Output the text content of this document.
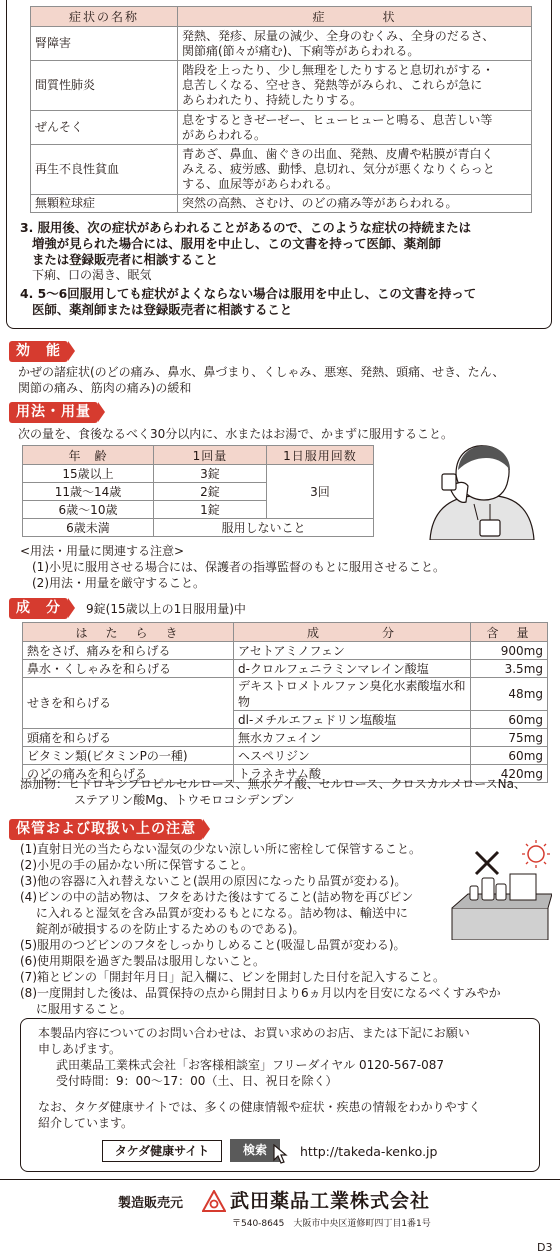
症状の名称	症　　　　状
腎障害	発熱、発疹、尿量の減少、全身のむくみ、全身のだるさ、
関節痛(節々が痛む)、下痢等があらわれる。

間質性肺炎	階段を上ったり、少し無理をしたりすると息切れがする・
息苦しくなる、空せき、発熱等がみられ、これらが急に
あらわれたり、持続したりする。

ぜんそく	息をするときゼーゼー、ヒューヒューと鳴る、息苦しい等
があらわれる。

再生不良性貧血	青あざ、鼻血、歯ぐきの出血、発熱、皮膚や粘膜が青白く
みえる、疲労感、動悸、息切れ、気分が悪くなりくらっと
する、血尿等があらわれる。

無顆粒球症	突然の高熱、さむけ、のどの痛み等があらわれる。
3. 服用後、次の症状があらわれることがあるので、このような症状の持続または
増強が見られた場合には、服用を中止し、この文書を持って医師、薬剤師
または登録販売者に相談すること
下痢、口の渇き、眠気
4. 5～6回服用しても症状がよくならない場合は服用を中止し、この文書を持って
医師、薬剤師または登録販売者に相談すること
効　能
かぜの諸症状(のどの痛み、鼻水、鼻づまり、くしゃみ、悪寒、発熱、頭痛、せき、たん、
関節の痛み、筋肉の痛み)の緩和
用法・用量
次の量を、食後なるべく30分以内に、水またはお湯で、かまずに服用すること。
年　齢	1回量	1日服用回数
15歳以上	3錠	3回
11歳～14歳	2錠	
6歳～10歳	1錠	
6歳未満	服用しないこと	
<用法・用量に関連する注意>
(1)小児に服用させる場合には、保護者の指導監督のもとに服用させること。
(2)用法・用量を厳守すること。
成　分	9錠(15歳以上の1日服用量)中
は　た　ら　き	成　　　　分	含　量
熱をさげ、痛みを和らげる	アセトアミノフェン	900mg
鼻水・くしゃみを和らげる	d-クロルフェニラミンマレイン酸塩	3.5mg
せきを和らげる	デキストロメトルファン臭化水素酸塩水和物	48mg
	dl-メチルエフェドリン塩酸塩	60mg
頭痛を和らげる	無水カフェイン	75mg
ビタミン類(ビタミンPの一種)	ヘスペリジン	60mg
のどの痛みを和らげる	トラネキサム酸	420mg
添加物：ヒドロキシプロピルセルロース、無水ケイ酸、セルロース、クロスカルメロースNa、
ステアリン酸Mg、トウモロコシデンプン
保管および取扱い上の注意
(1)直射日光の当たらない湿気の少ない涼しい所に密栓して保管すること。
(2)小児の手の届かない所に保管すること。
(3)他の容器に入れ替えないこと(誤用の原因になったり品質が変わる)。
(4)ビンの中の詰め物は、フタをあけた後はすてること(詰め物を再びビン
　 に入れると湿気を含み品質が変わるもとになる。詰め物は、輸送中に
　 錠剤が破損するのを防止するためのものである)。
(5)服用のつどビンのフタをしっかりしめること(吸湿し品質が変わる)。
(6)使用期限を過ぎた製品は服用しないこと。
(7)箱とビンの「開封年月日」記入欄に、ビンを開封した日付を記入すること。
(8)一度開封した後は、品質保持の点から開封日より6ヵ月以内を目安になるべくすみやか
　 に服用すること。
本製品内容についてのお問い合わせは、お買い求めのお店、または下記にお願い
申しあげます。
武田薬品工業株式会社「お客様相談室」フリーダイヤル 0120-567-087
受付時間：9：00～17：00（土、日、祝日を除く）
なお、タケダ健康サイトでは、多くの健康情報や症状・疾患の情報をわかりやすく
紹介しています。
タケダ健康サイト	検索	http://takeda-kenko.jp
製造販売元 武田薬品工業株式会社
〒540-8645　大阪市中央区道修町四丁目1番1号
D3
